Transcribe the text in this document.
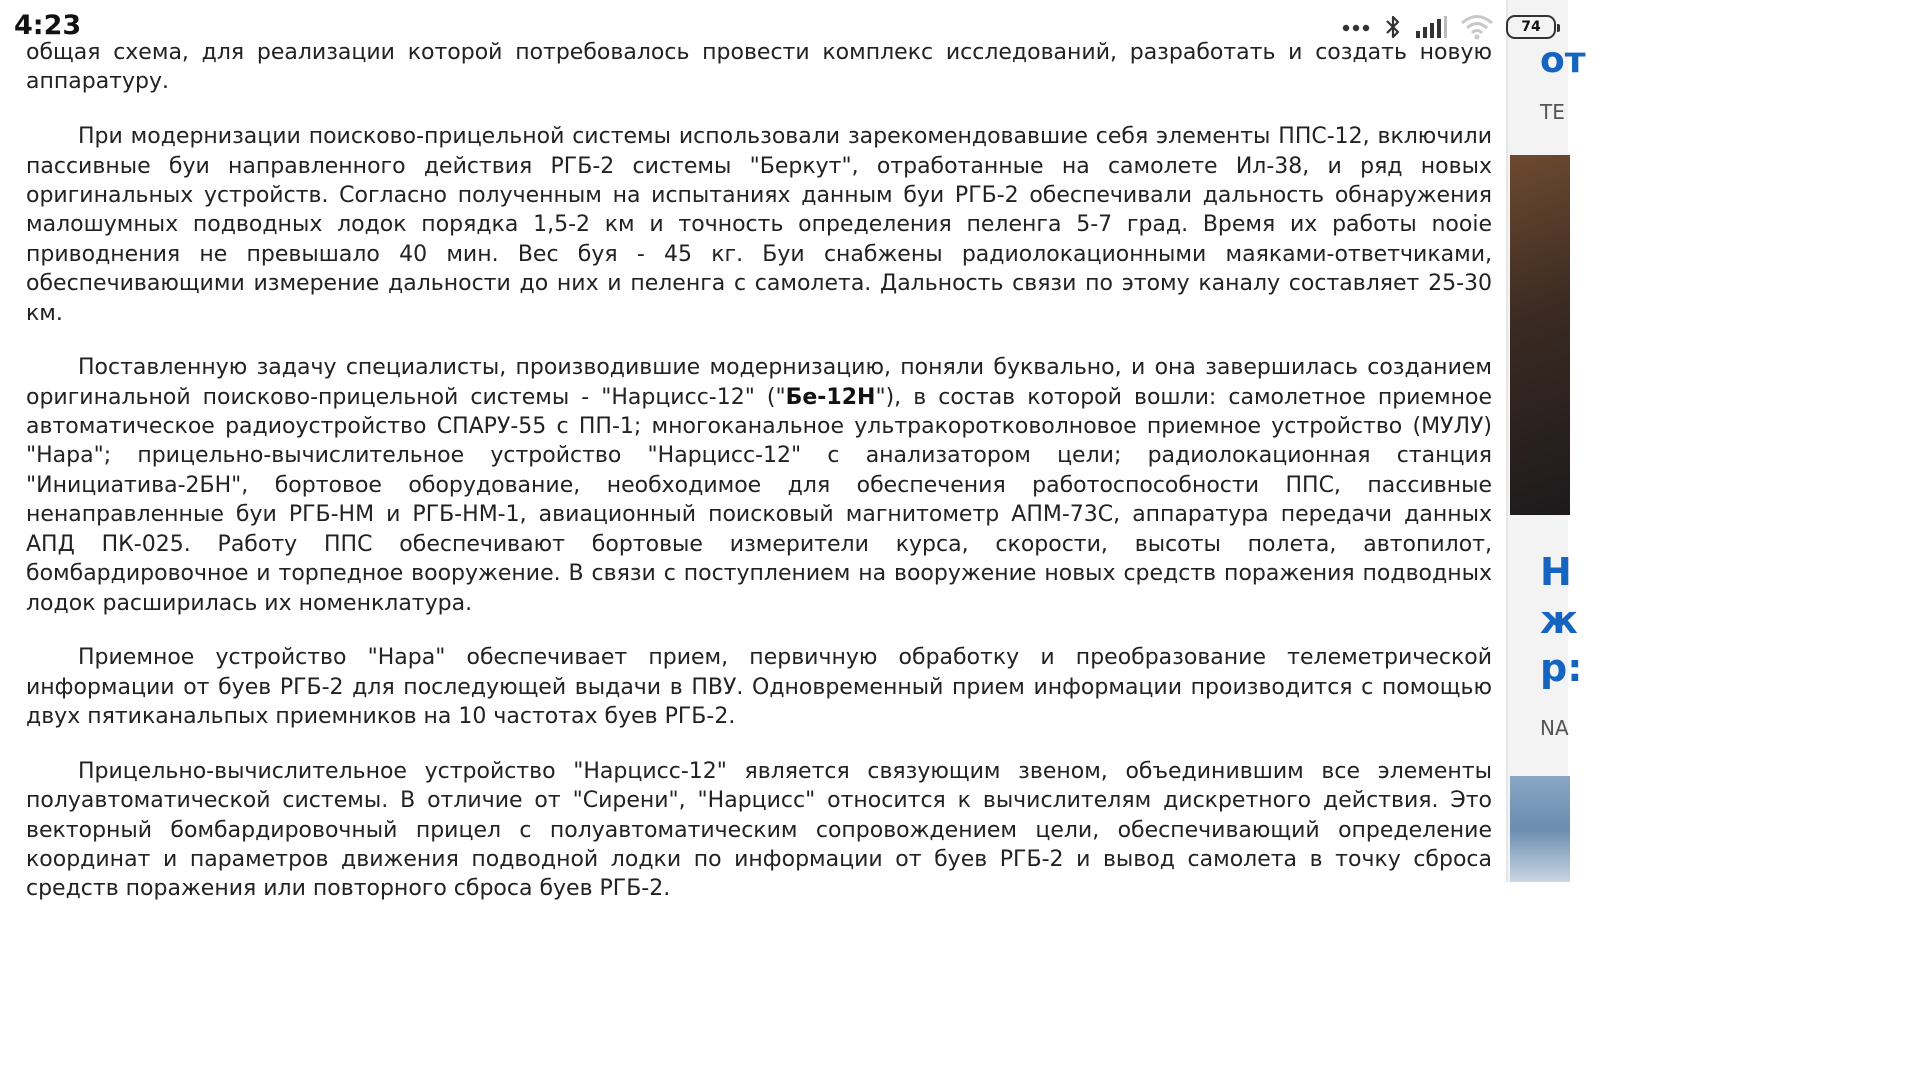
4:23	74

общая схема, для реализации которой потребовалось провести комплекс исследований, разработать и создать новую аппаратуру.

При модернизации поисково-прицельной системы использовали зарекомендовавшие себя элементы ППС-12, включили пассивные буи направленного действия РГБ-2 системы "Беркут", отработанные на самолете Ил-38, и ряд новых оригинальных устройств. Согласно полученным на испытаниях данным буи РГБ-2 обеспечивали дальность обнаружения малошумных подводных лодок порядка 1,5-2 км и точность определения пеленга 5-7 град. Время их работы nooie приводнения не превышало 40 мин. Вес буя - 45 кг. Буи снабжены радиолокационными маяками-ответчиками, обеспечивающими измерение дальности до них и пеленга с самолета. Дальность связи по этому каналу составляет 25-30 км.

Поставленную задачу специалисты, производившие модернизацию, поняли буквально, и она завершилась созданием оригинальной поисково-прицельной системы - "Нарцисс-12" ("Бе-12Н"), в состав которой вошли: самолетное приемное автоматическое радиоустройство СПАРУ-55 с ПП-1; многоканальное ультракоротковолновое приемное устройство (МУЛУ) "Нара"; прицельно-вычислительное устройство "Нарцисс-12" с анализатором цели; радиолокационная станция "Инициатива-2БН", бортовое оборудование, необходимое для обеспечения работоспособности ППС, пассивные ненаправленные буи РГБ-НМ и РГБ-НМ-1, авиационный поисковый магнитометр АПМ-73С, аппаратура передачи данных АПД ПК-025. Работу ППС обеспечивают бортовые измерители курса, скорости, высоты полета, автопилот, бомбардировочное и торпедное вооружение. В связи с поступлением на вооружение новых средств поражения подводных лодок расширилась их номенклатура.

Приемное устройство "Нара" обеспечивает прием, первичную обработку и преобразование телеметрической информации от буев РГБ-2 для последующей выдачи в ПВУ. Одновременный прием информации производится с помощью двух пятиканальпых приемников на 10 частотах буев РГБ-2.

Прицельно-вычислительное устройство "Нарцисс-12" является связующим звеном, объединившим все элементы полуавтоматической системы. В отличие от "Сирени", "Нарцисс" относится к вычислителям дискретного действия. Это векторный бомбардировочный прицел с полуавтоматическим сопровождением цели, обеспечивающий определение координат и параметров движения подводной лодки по информации от буев РГБ-2 и вывод самолета в точку сброса средств поражения или повторного сброса буев РГБ-2.

от
ТЕ
Н
ж
р:
NA
